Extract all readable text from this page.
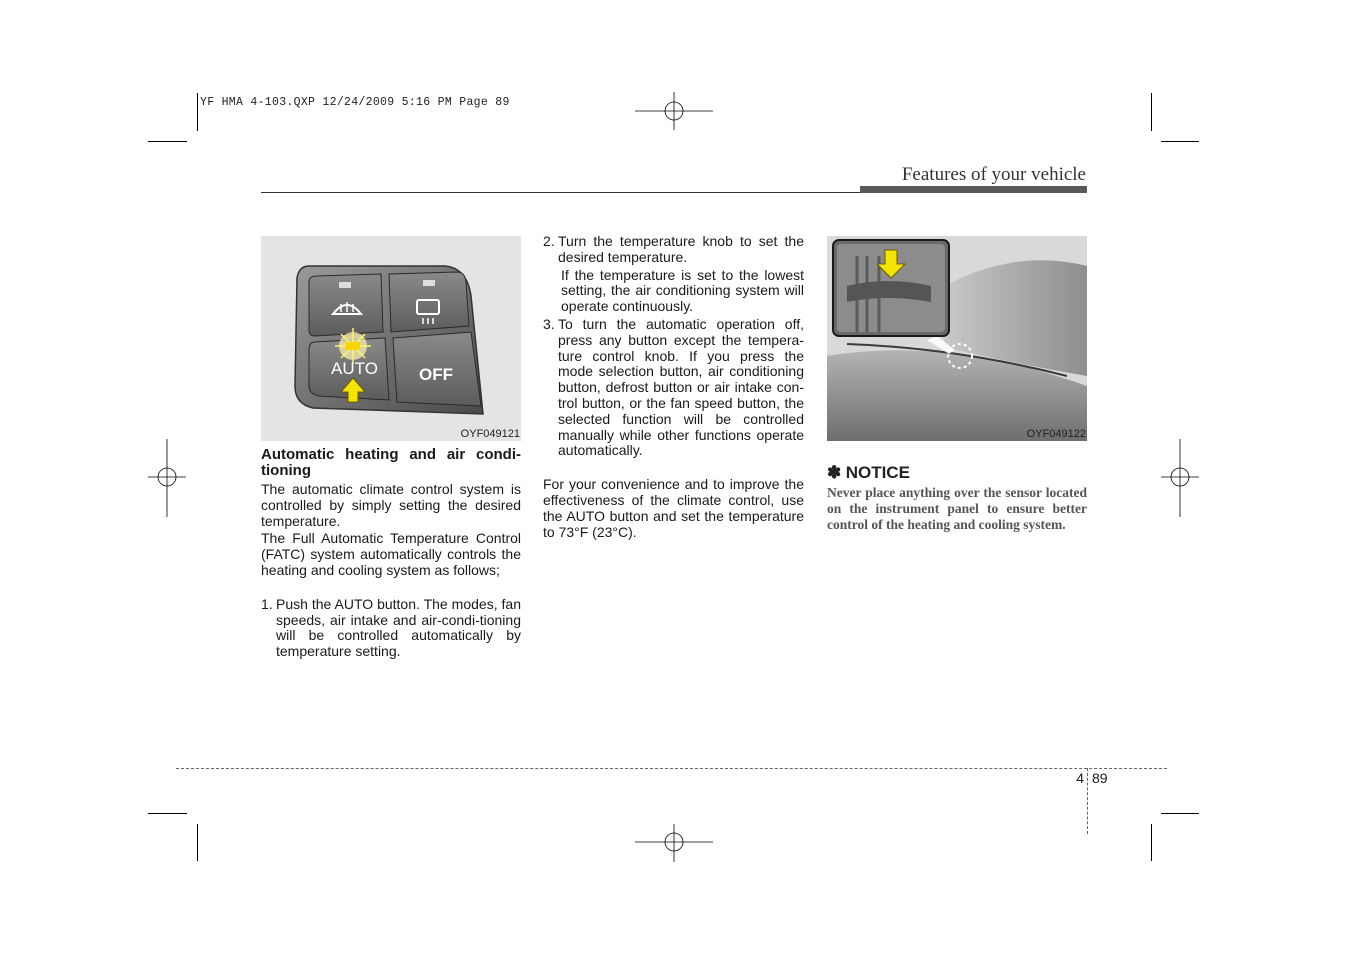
YF HMA 4-103.QXP 12/24/2009 5:16 PM Page 89
Features of your vehicle
AUTO OFF
OYF049121
Automatic heating and air condi-tioning

The automatic climate control system is controlled by simply setting the desired temperature.

The Full Automatic Temperature Control (FATC) system automatically controls the heating and cooling system as follows;

1. Push the AUTO button. The modes, fan speeds, air intake and air-condi-tioning will be controlled automatically by temperature setting.
2. Turn the temperature knob to set the desired temperature.

If the temperature is set to the lowest setting, the air conditioning system will operate continuously.

3. To turn the automatic operation off, press any button except the tempera-ture control knob. If you press the mode selection button, air conditioning button, defrost button or air intake con-trol button, or the fan speed button, the selected function will be controlled manually while other functions operate automatically.

For your convenience and to improve the effectiveness of the climate control, use the AUTO button and set the temperature to 73°F (23°C).

OYF049122
✽ NOTICE
Never place anything over the sensor located on the instrument panel to ensure better control of the heating and cooling system.
4 89
